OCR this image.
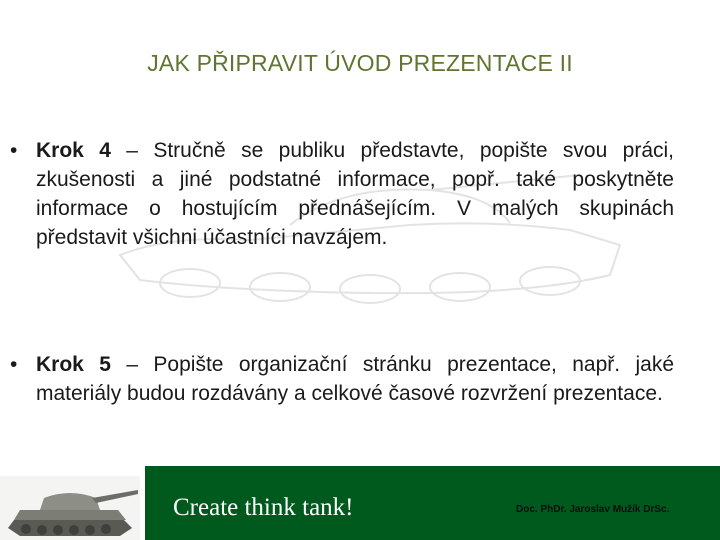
JAK PŘIPRAVIT ÚVOD PREZENTACE II
• Krok 4 – Stručně se publiku představte, popište svou práci, zkušenosti a jiné podstatné informace, popř. také poskytněte informace o hostujícím přednášejícím. V malých skupinách představit všichni účastníci navzájem.
• Krok 5 – Popište organizační stránku prezentace, např. jaké materiály budou rozdávány a celkové časové rozvržení prezentace.
Create think tank!	Doc. PhDr. Jaroslav Mužík DrSc.
